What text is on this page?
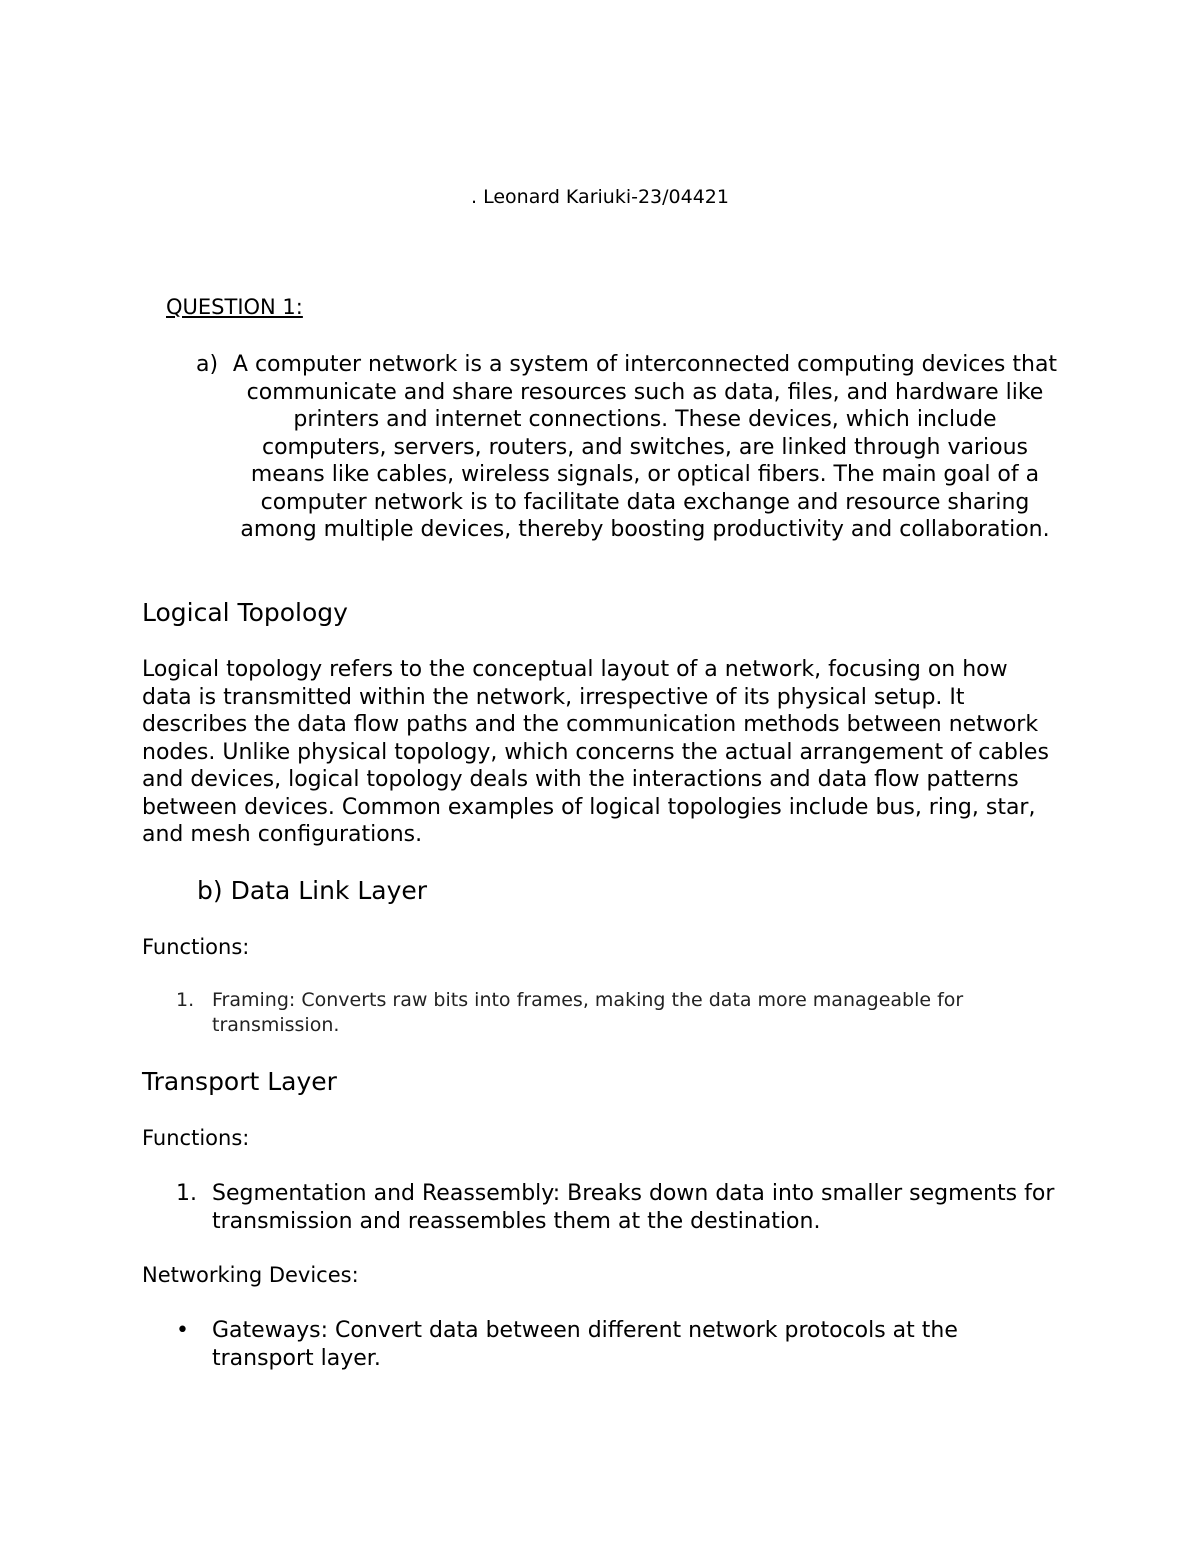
. Leonard Kariuki-23/04421
QUESTION 1:
a) A computer network is a system of interconnected computing devices that communicate and share resources such as data, files, and hardware like printers and internet connections. These devices, which include computers, servers, routers, and switches, are linked through various means like cables, wireless signals, or optical fibers. The main goal of a computer network is to facilitate data exchange and resource sharing among multiple devices, thereby boosting productivity and collaboration.
Logical Topology
Logical topology refers to the conceptual layout of a network, focusing on how data is transmitted within the network, irrespective of its physical setup. It describes the data flow paths and the communication methods between network nodes. Unlike physical topology, which concerns the actual arrangement of cables and devices, logical topology deals with the interactions and data flow patterns between devices. Common examples of logical topologies include bus, ring, star, and mesh configurations.
b) Data Link Layer
Functions:
1. Framing: Converts raw bits into frames, making the data more manageable for transmission.
Transport Layer
Functions:
1. Segmentation and Reassembly: Breaks down data into smaller segments for transmission and reassembles them at the destination.
Networking Devices:
• Gateways: Convert data between different network protocols at the transport layer.
